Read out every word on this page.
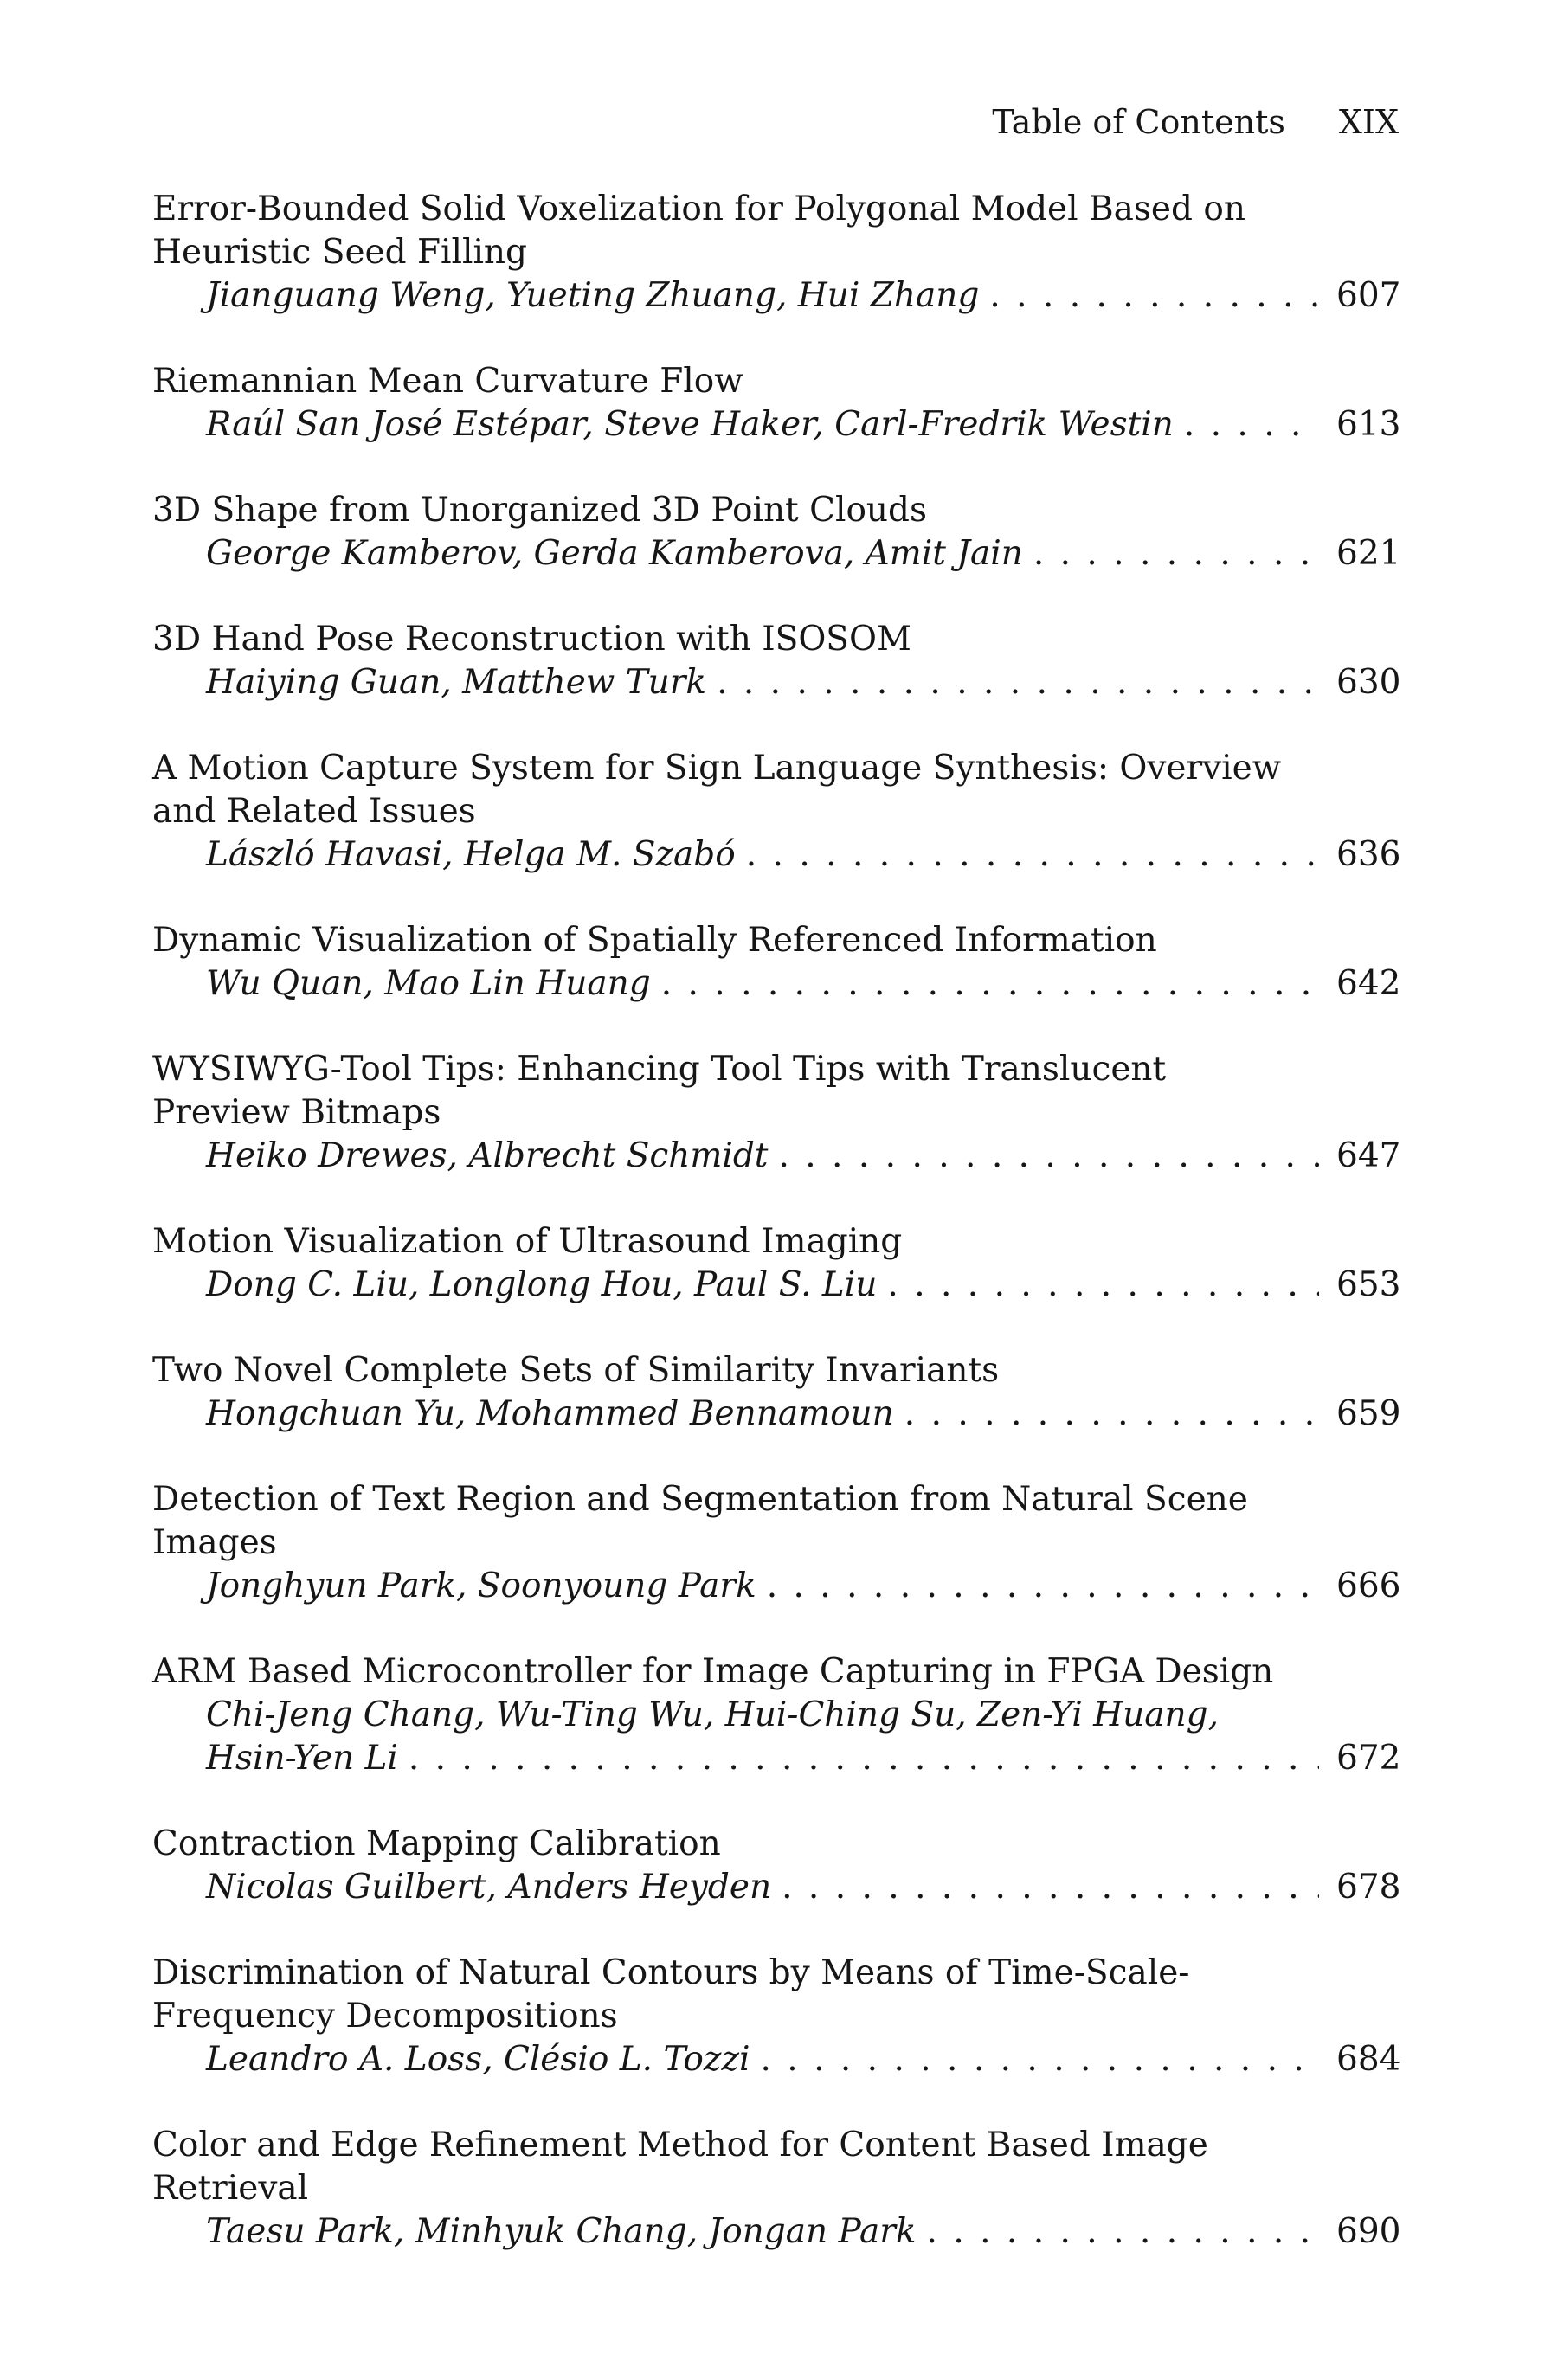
Table of Contents XIX
Error-Bounded Solid Voxelization for Polygonal Model Based on Heuristic Seed Filling
Jianguang Weng, Yueting Zhuang, Hui Zhang . . .	607
Riemannian Mean Curvature Flow
Raúl San José Estépar, Steve Haker, Carl-Fredrik Westin . . .	613
3D Shape from Unorganized 3D Point Clouds
George Kamberov, Gerda Kamberova, Amit Jain . . .	621
3D Hand Pose Reconstruction with ISOSOM
Haiying Guan, Matthew Turk . . .	630
A Motion Capture System for Sign Language Synthesis: Overview and Related Issues
László Havasi, Helga M. Szabó . . .	636
Dynamic Visualization of Spatially Referenced Information
Wu Quan, Mao Lin Huang . . .	642
WYSIWYG-Tool Tips: Enhancing Tool Tips with Translucent Preview Bitmaps
Heiko Drewes, Albrecht Schmidt . . .	647
Motion Visualization of Ultrasound Imaging
Dong C. Liu, Longlong Hou, Paul S. Liu . . .	653
Two Novel Complete Sets of Similarity Invariants
Hongchuan Yu, Mohammed Bennamoun . . .	659
Detection of Text Region and Segmentation from Natural Scene Images
Jonghyun Park, Soonyoung Park . . .	666
ARM Based Microcontroller for Image Capturing in FPGA Design
Chi-Jeng Chang, Wu-Ting Wu, Hui-Ching Su, Zen-Yi Huang,
Hsin-Yen Li . . .	672
Contraction Mapping Calibration
Nicolas Guilbert, Anders Heyden . . .	678
Discrimination of Natural Contours by Means of Time-Scale-Frequency Decompositions
Leandro A. Loss, Clésio L. Tozzi . . .	684
Color and Edge Refinement Method for Content Based Image Retrieval
Taesu Park, Minhyuk Chang, Jongan Park . . .	690
